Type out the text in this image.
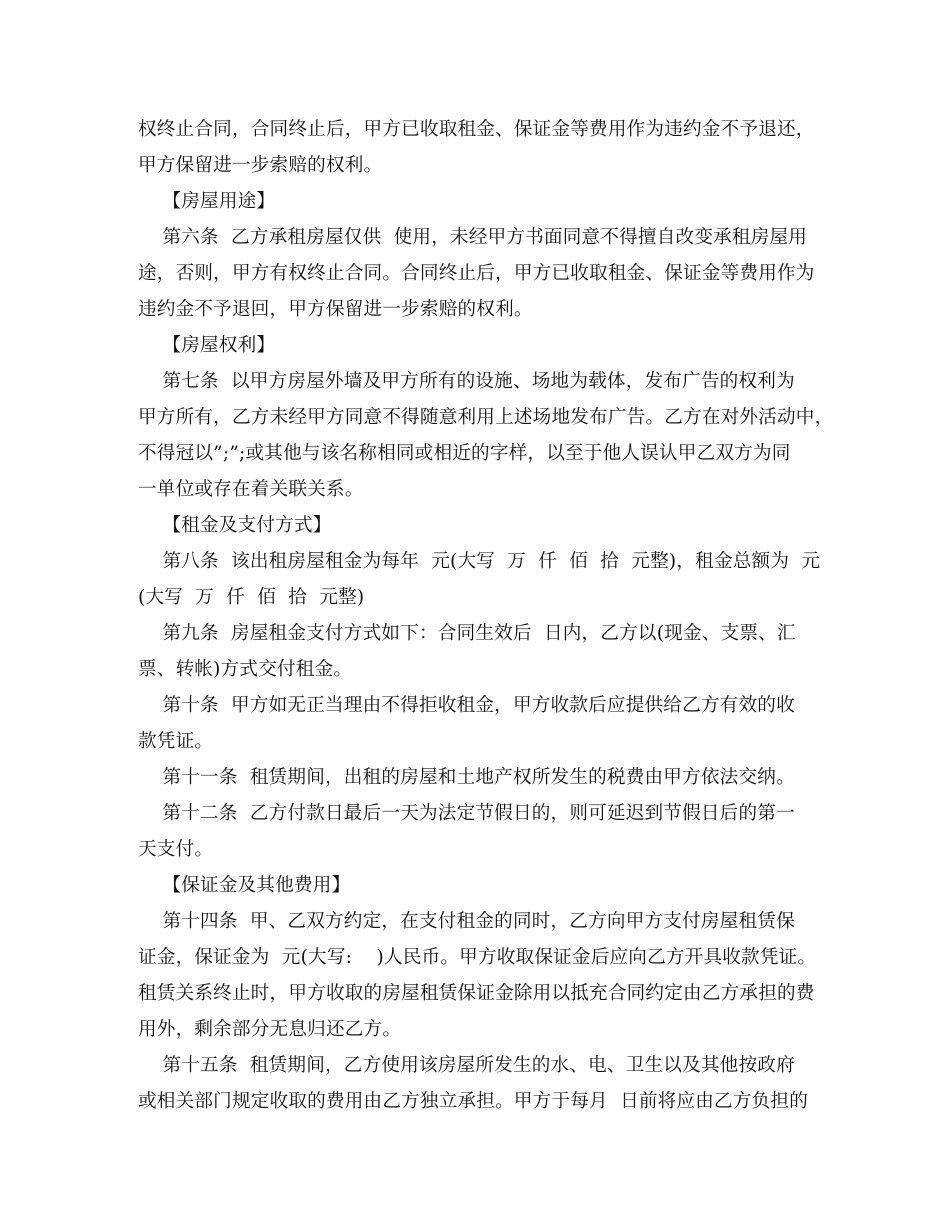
权终止合同，合同终止后，甲方已收取租金、保证金等费用作为违约金不予退还，
甲方保留进一步索赔的权利。
【房屋用途】
第六条  乙方承租房屋仅供  使用，未经甲方书面同意不得擅自改变承租房屋用
途，否则，甲方有权终止合同。合同终止后，甲方已收取租金、保证金等费用作为
违约金不予退回，甲方保留进一步索赔的权利。
【房屋权利】
第七条  以甲方房屋外墙及甲方所有的设施、场地为载体，发布广告的权利为
甲方所有，乙方未经甲方同意不得随意利用上述场地发布广告。乙方在对外活动中，
不得冠以”;”;或其他与该名称相同或相近的字样，以至于他人误认甲乙双方为同
一单位或存在着关联关系。
【租金及支付方式】
第八条  该出租房屋租金为每年  元(大写  万  仟  佰  拾  元整)，租金总额为  元
(大写  万  仟  佰  拾  元整)
第九条  房屋租金支付方式如下：合同生效后  日内，乙方以(现金、支票、汇
票、转帐)方式交付租金。
第十条  甲方如无正当理由不得拒收租金，甲方收款后应提供给乙方有效的收
款凭证。
第十一条  租赁期间，出租的房屋和土地产权所发生的税费由甲方依法交纳。
第十二条  乙方付款日最后一天为法定节假日的，则可延迟到节假日后的第一
天支付。
【保证金及其他费用】
第十四条  甲、乙双方约定，在支付租金的同时，乙方向甲方支付房屋租赁保
证金，保证金为  元(大写:    )人民币。甲方收取保证金后应向乙方开具收款凭证。
租赁关系终止时，甲方收取的房屋租赁保证金除用以抵充合同约定由乙方承担的费
用外，剩余部分无息归还乙方。
第十五条  租赁期间，乙方使用该房屋所发生的水、电、卫生以及其他按政府
或相关部门规定收取的费用由乙方独立承担。甲方于每月  日前将应由乙方负担的
